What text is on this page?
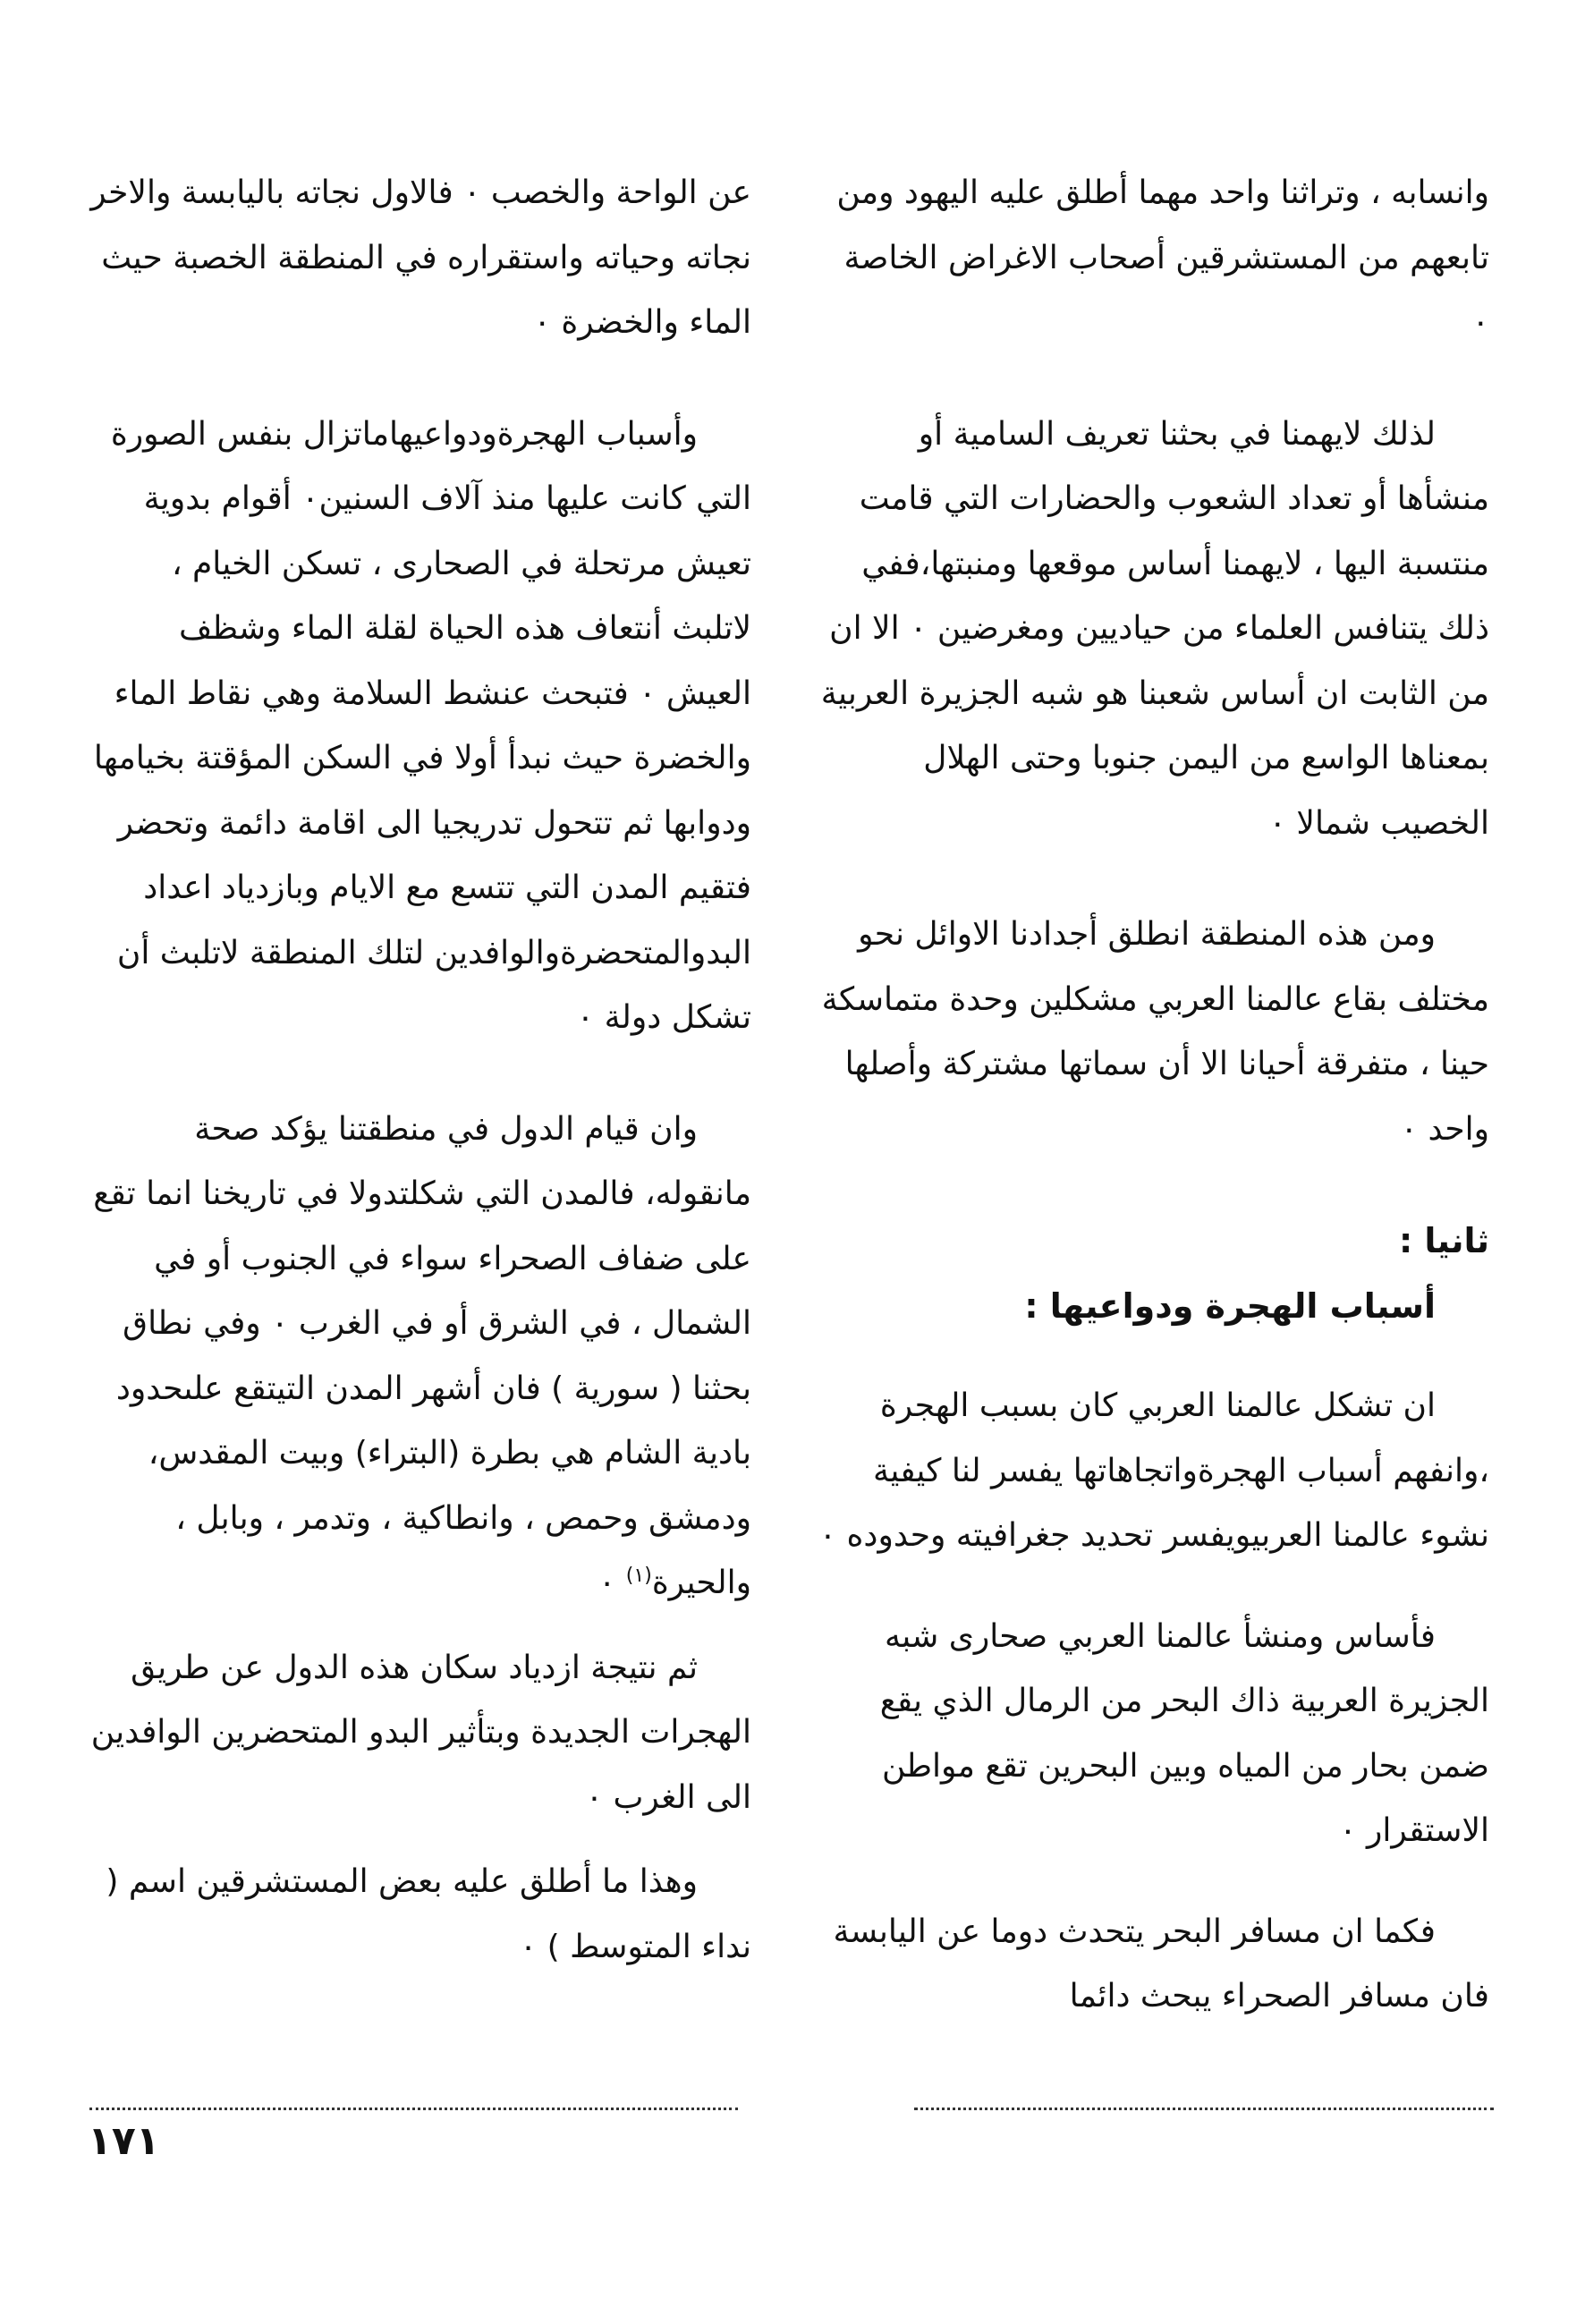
وانسابه ، وتراثنا واحد مهما أطلق عليه اليهود ومن تابعهم من المستشرقين أصحاب الاغراض الخاصة ٠

لذلك لايهمنا في بحثنا تعريف السامية أو منشأها أو تعداد الشعوب والحضارات التي قامت منتسبة اليها ، لايهمنا أساس موقعها ومنبتها،ففي ذلك يتنافس العلماء من حياديين ومغرضين ٠ الا ان من الثابت ان أساس شعبنا هو شبه الجزيرة العربية بمعناها الواسع من اليمن جنوبا وحتى الهلال الخصيب شمالا ٠

ومن هذه المنطقة انطلق أجدادنا الاوائل نحو مختلف بقاع عالمنا العربي مشكلين وحدة متماسكة حينا ، متفرقة أحيانا الا أن سماتها مشتركة وأصلها واحد ٠

ثانيا :

أسباب الهجرة ودواعيها :

ان تشكل عالمنا العربي كان بسبب الهجرة ،وانفهم أسباب الهجرةواتجاهاتها يفسر لنا كيفية نشوء عالمنا العربيويفسر تحديد جغرافيته وحدوده ٠

فأساس ومنشأ عالمنا العربي صحارى شبه الجزيرة العربية ذاك البحر من الرمال الذي يقع ضمن بحار من المياه وبين البحرين تقع مواطن الاستقرار ٠

فكما ان مسافر البحر يتحدث دوما عن اليابسة فان مسافر الصحراء يبحث دائما

عن الواحة والخصب ٠ فالاول نجاته باليابسة والاخر نجاته وحياته واستقراره في المنطقة الخصبة حيث الماء والخضرة ٠

وأسباب الهجرةودواعيهاماتزال بنفس الصورة التي كانت عليها منذ آلاف السنين٠ أقوام بدوية تعيش مرتحلة في الصحارى ، تسكن الخيام ، لاتلبث أنتعاف هذه الحياة لقلة الماء وشظف العيش ٠ فتبحث عنشط السلامة وهي نقاط الماء والخضرة حيث نبدأ أولا في السكن المؤقتة بخيامها ودوابها ثم تتحول تدريجيا الى اقامة دائمة وتحضر فتقيم المدن التي تتسع مع الايام وبازدياد اعداد البدوالمتحضرةوالوافدين لتلك المنطقة لاتلبث أن تشكل دولة ٠

وان قيام الدول في منطقتنا يؤكد صحة مانقوله، فالمدن التي شكلتدولا في تاريخنا انما تقع على ضفاف الصحراء سواء في الجنوب أو في الشمال ، في الشرق أو في الغرب ٠ وفي نطاق بحثنا ( سورية ) فان أشهر المدن التيتقع علىحدود بادية الشام هي بطرة (البتراء) وبيت المقدس، ودمشق وحمص ، وانطاكية ، وتدمر ، وبابل ، والحيرة$^{(١)}$ ٠

ثم نتيجة ازدياد سكان هذه الدول عن طريق الهجرات الجديدة وبتأثير البدو المتحضرين الوافدين الى الغرب ٠

وهذا ما أطلق عليه بعض المستشرقين اسم ( نداء المتوسط ) ٠

١٧١
